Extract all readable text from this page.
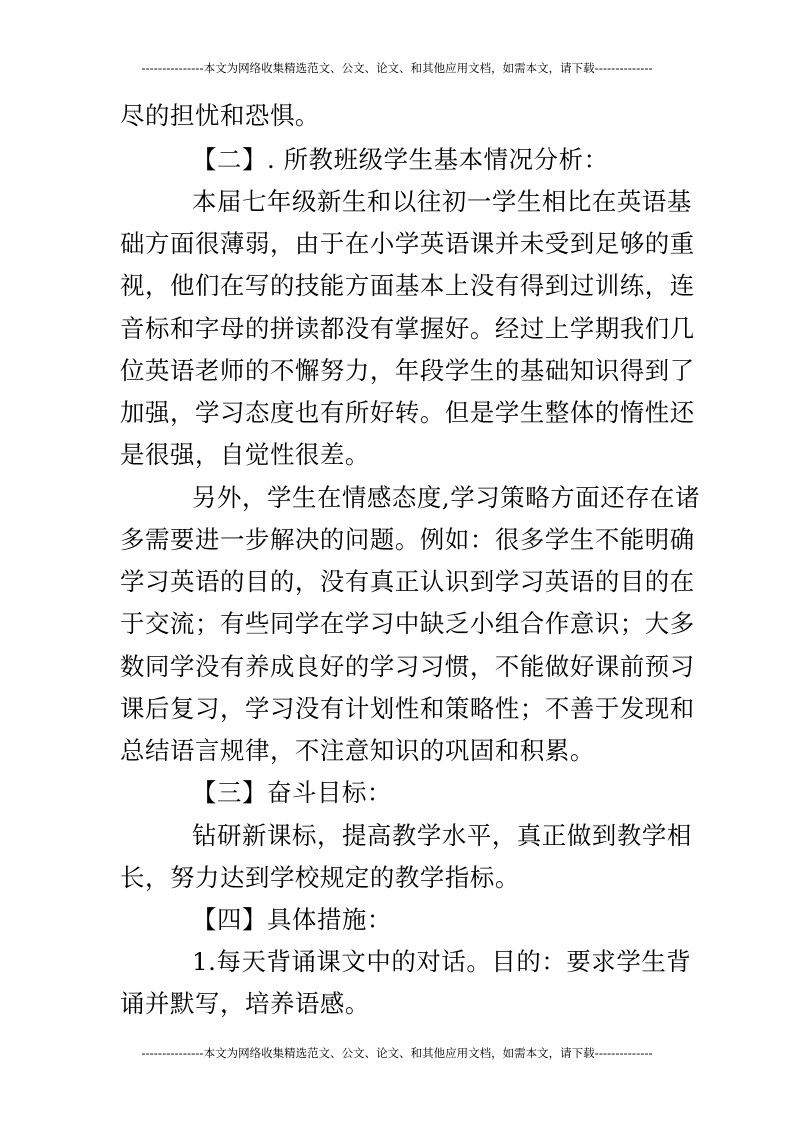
---------------本文为网络收集精选范文、公文、论文、和其他应用文档，如需本文，请下载--------------
尽的担忧和恐惧。
【二】. 所教班级学生基本情况分析：
本届七年级新生和以往初一学生相比在英语基
础方面很薄弱，由于在小学英语课并未受到足够的重
视，他们在写的技能方面基本上没有得到过训练，连
音标和字母的拼读都没有掌握好。经过上学期我们几
位英语老师的不懈努力，年段学生的基础知识得到了
加强，学习态度也有所好转。但是学生整体的惰性还
是很强，自觉性很差。
另外，学生在情感态度,学习策略方面还存在诸
多需要进一步解决的问题。例如：很多学生不能明确
学习英语的目的，没有真正认识到学习英语的目的在
于交流；有些同学在学习中缺乏小组合作意识；大多
数同学没有养成良好的学习习惯，不能做好课前预习
课后复习，学习没有计划性和策略性；不善于发现和
总结语言规律，不注意知识的巩固和积累。
【三】奋斗目标：
钻研新课标，提高教学水平，真正做到教学相
长，努力达到学校规定的教学指标。
【四】具体措施：
1.每天背诵课文中的对话。目的：要求学生背
诵并默写，培养语感。
---------------本文为网络收集精选范文、公文、论文、和其他应用文档，如需本文，请下载--------------
